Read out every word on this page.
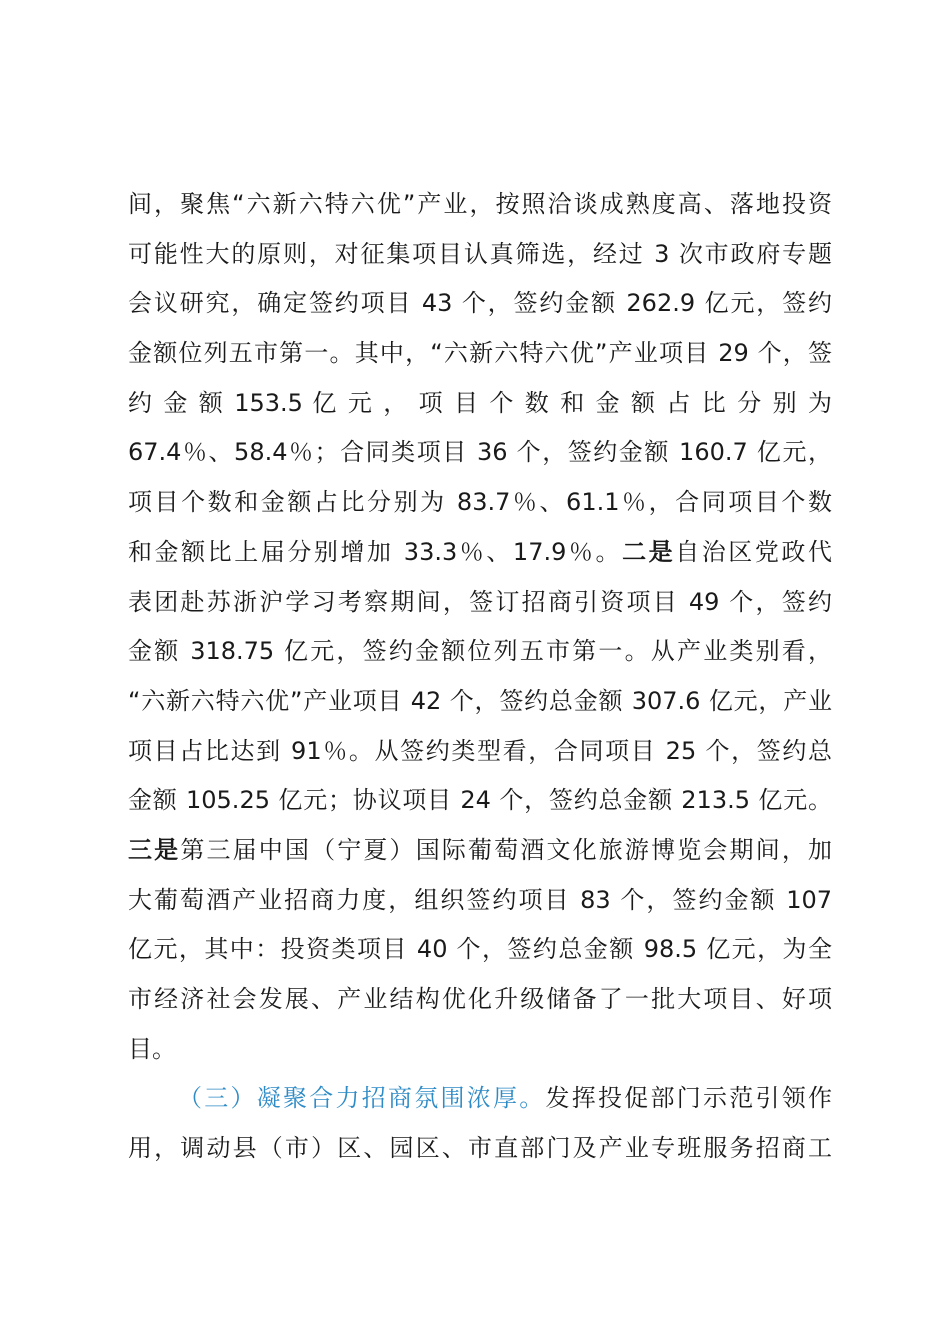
间，聚焦“六新六特六优”产业，按照洽谈成熟度高、落地投资
可能性大的原则，对征集项目认真筛选，经过 3 次市政府专题
会议研究，确定签约项目 43 个，签约金额 262.9 亿元，签约
金额位列五市第一。其中，“六新六特六优”产业项目 29 个，签
约 金 额 153.5 亿 元 ， 项 目 个 数 和 金 额 占 比 分 别 为
67.4％、58.4％；合同类项目 36 个，签约金额 160.7 亿元，
项目个数和金额占比分别为 83.7％、61.1％，合同项目个数
和金额比上届分别增加 33.3％、17.9％。二是自治区党政代
表团赴苏浙沪学习考察期间，签订招商引资项目 49 个，签约
金额 318.75 亿元，签约金额位列五市第一。从产业类别看，
“六新六特六优”产业项目 42 个，签约总金额 307.6 亿元，产业
项目占比达到 91％。从签约类型看，合同项目 25 个，签约总
金额 105.25 亿元；协议项目 24 个，签约总金额 213.5 亿元。
三是第三届中国（宁夏）国际葡萄酒文化旅游博览会期间，加
大葡萄酒产业招商力度，组织签约项目 83 个，签约金额 107
亿元，其中：投资类项目 40 个，签约总金额 98.5 亿元，为全
市经济社会发展、产业结构优化升级储备了一批大项目、好项
目。
（三）凝聚合力招商氛围浓厚。发挥投促部门示范引领作
用，调动县（市）区、园区、市直部门及产业专班服务招商工
